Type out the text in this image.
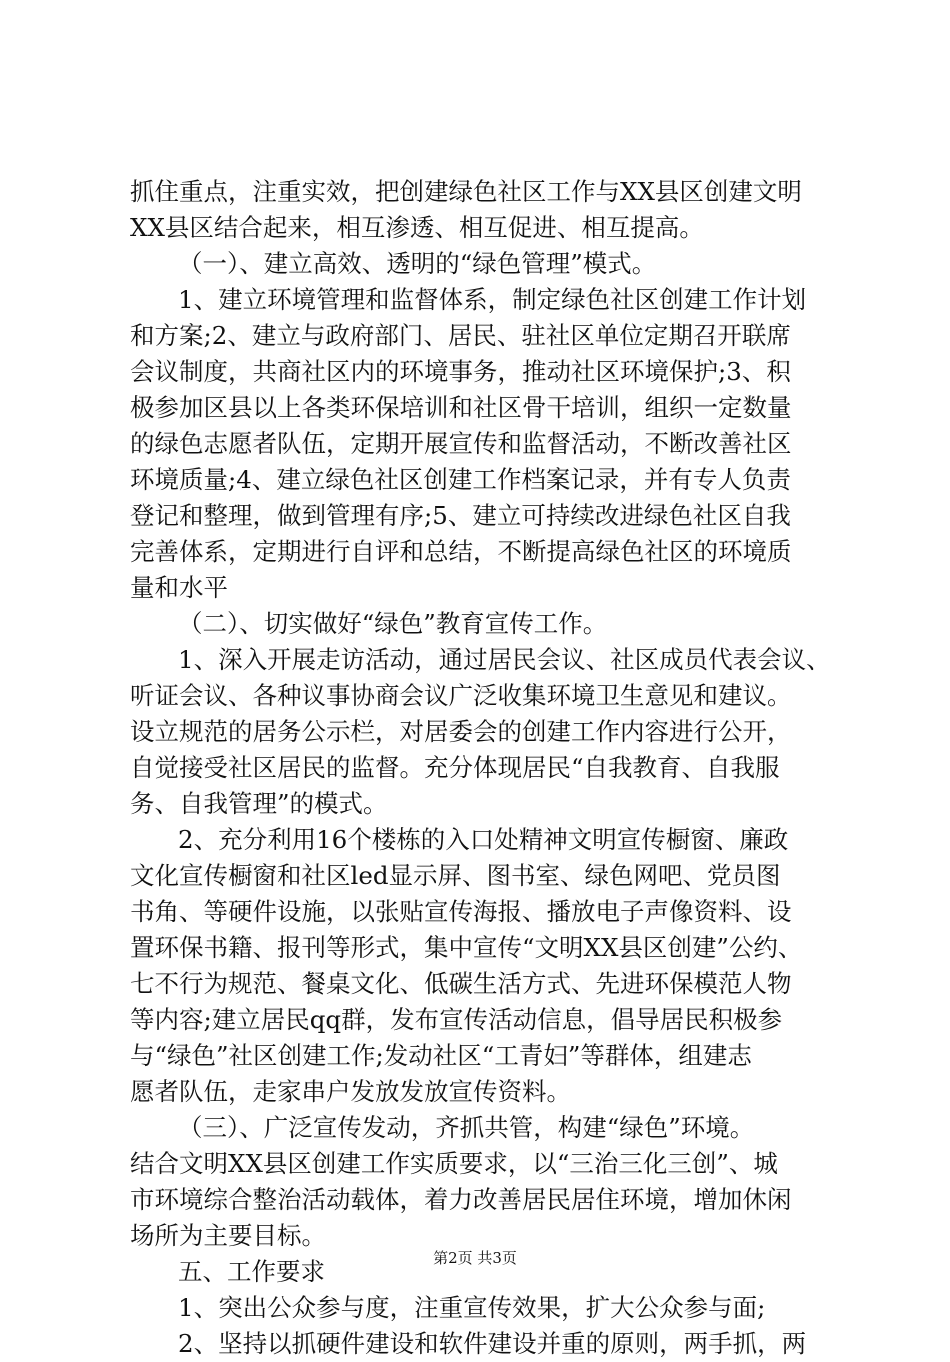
抓住重点，注重实效，把创建绿色社区工作与XX县区创建文明
XX县区结合起来，相互渗透、相互促进、相互提高。
（一）、建立高效、透明的“绿色管理”模式。
1、建立环境管理和监督体系，制定绿色社区创建工作计划
和方案;2、建立与政府部门、居民、驻社区单位定期召开联席
会议制度，共商社区内的环境事务，推动社区环境保护;3、积
极参加区县以上各类环保培训和社区骨干培训，组织一定数量
的绿色志愿者队伍，定期开展宣传和监督活动，不断改善社区
环境质量;4、建立绿色社区创建工作档案记录，并有专人负责
登记和整理，做到管理有序;5、建立可持续改进绿色社区自我
完善体系，定期进行自评和总结，不断提高绿色社区的环境质
量和水平
（二）、切实做好“绿色”教育宣传工作。
1、深入开展走访活动，通过居民会议、社区成员代表会议、
听证会议、各种议事协商会议广泛收集环境卫生意见和建议。
设立规范的居务公示栏，对居委会的创建工作内容进行公开，
自觉接受社区居民的监督。充分体现居民“自我教育、自我服
务、自我管理”的模式。
2、充分利用16个楼栋的入口处精神文明宣传橱窗、廉政
文化宣传橱窗和社区led显示屏、图书室、绿色网吧、党员图
书角、等硬件设施，以张贴宣传海报、播放电子声像资料、设
置环保书籍、报刊等形式，集中宣传“文明XX县区创建”公约、
七不行为规范、餐桌文化、低碳生活方式、先进环保模范人物
等内容;建立居民qq群，发布宣传活动信息，倡导居民积极参
与“绿色”社区创建工作;发动社区“工青妇”等群体，组建志
愿者队伍，走家串户发放发放宣传资料。
（三）、广泛宣传发动，齐抓共管，构建“绿色”环境。
结合文明XX县区创建工作实质要求，以“三治三化三创”、城
市环境综合整治活动载体，着力改善居民居住环境，增加休闲
场所为主要目标。
五、工作要求
1、突出公众参与度，注重宣传效果，扩大公众参与面;
2、坚持以抓硬件建设和软件建设并重的原则，两手抓，两
第2页 共3页
